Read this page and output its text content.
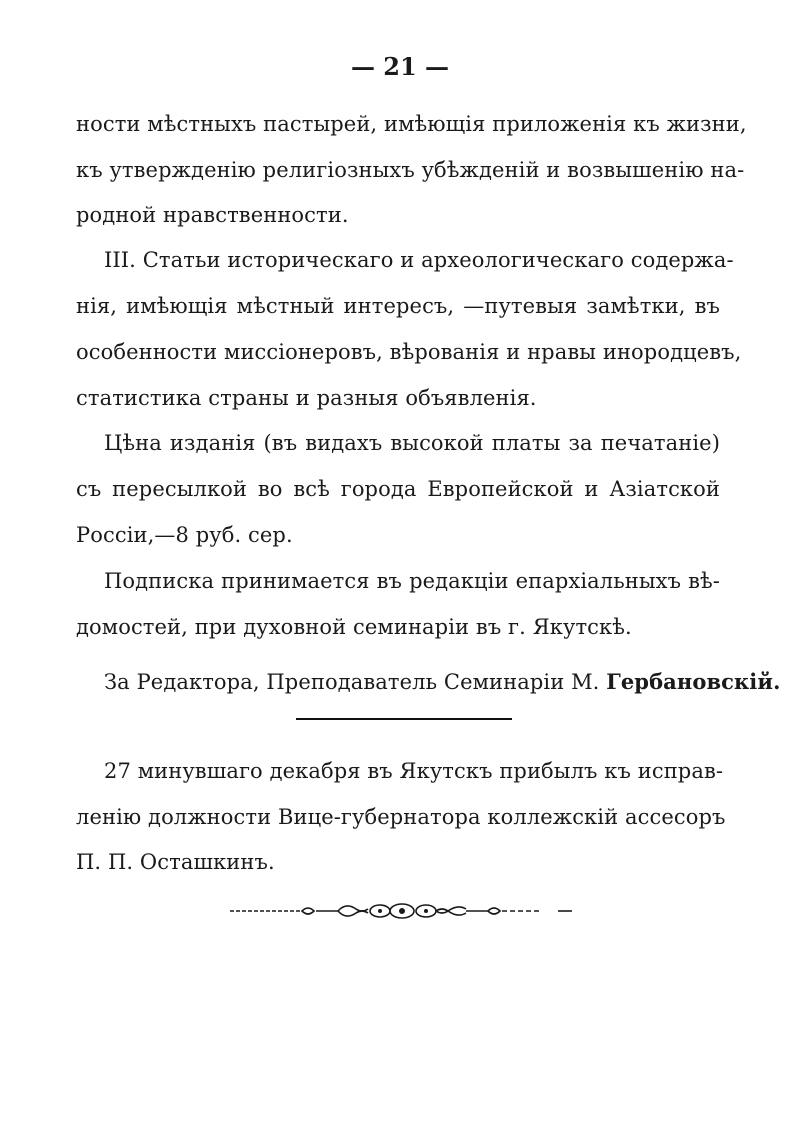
— 21 —
ности мѣстныхъ пастырей, имѣющія приложенія къ жизни,
къ утвержденію религіозныхъ убѣжденій и возвышенію на-
родной нравственности.
III. Статьи историческаго и археологическаго содержа-
нія, имѣющія мѣстный интересъ, —путевыя замѣтки, въ
особенности миссіонеровъ, вѣрованія и нравы инородцевъ,
статистика страны и разныя объявленія.
Цѣна изданія (въ видахъ высокой платы за печатаніе)
съ пересылкой во всѣ города Европейской и Азіатской
Россіи,—8 руб. сер.
Подписка принимается въ редакціи епархіальныхъ вѣ-
домостей, при духовной семинаріи въ г. Якутскѣ.
За Редактора, Преподаватель Семинаріи М. Гербановскій.
27 минувшаго декабря въ Якутскъ прибылъ къ исправ-
ленію должности Вице-губернатора коллежскій ассесоръ
П. П. Осташкинъ.
